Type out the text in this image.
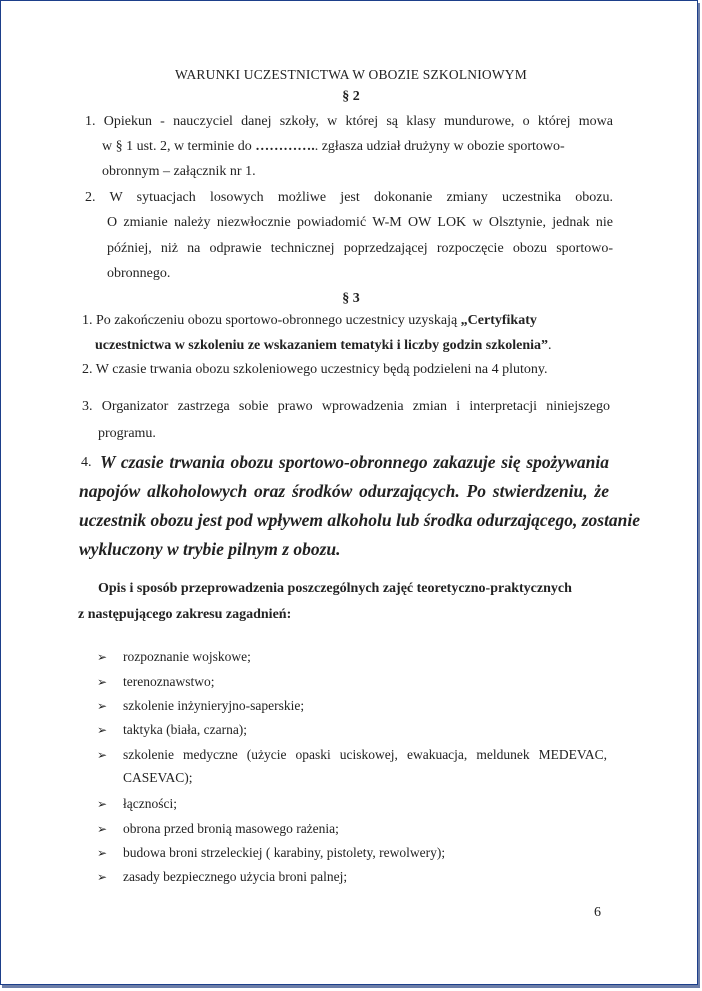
WARUNKI UCZESTNICTWA W OBOZIE SZKOLNIOWYM
§ 2
1. Opiekun - nauczyciel danej szkoły, w której są klasy mundurowe, o której mowa
w § 1 ust. 2, w terminie do ………….. zgłasza udział drużyny w obozie sportowo-
obronnym – załącznik nr 1.
2. W sytuacjach losowych możliwe jest dokonanie zmiany uczestnika obozu.
O zmianie należy niezwłocznie powiadomić W-M OW LOK w Olsztynie, jednak nie
później, niż na odprawie technicznej poprzedzającej rozpoczęcie obozu sportowo-
obronnego.
§ 3
1. Po zakończeniu obozu sportowo-obronnego uczestnicy uzyskają „Certyfikaty
uczestnictwa w szkoleniu ze wskazaniem tematyki i liczby godzin szkolenia”.
2. W czasie trwania obozu szkoleniowego uczestnicy będą podzieleni na 4 plutony.
3. Organizator zastrzega sobie prawo wprowadzenia zmian i interpretacji niniejszego
programu.
4. W czasie trwania obozu sportowo-obronnego zakazuje się spożywania
napojów alkoholowych oraz środków odurzających. Po stwierdzeniu, że
uczestnik obozu jest pod wpływem alkoholu lub środka odurzającego, zostanie
wykluczony w trybie pilnym z obozu.
Opis i sposób przeprowadzenia poszczególnych zajęć teoretyczno-praktycznych
z następującego zakresu zagadnień:
➢ rozpoznanie wojskowe;
➢ terenoznawstwo;
➢ szkolenie inżynieryjno-saperskie;
➢ taktyka (biała, czarna);
➢ szkolenie medyczne (użycie opaski uciskowej, ewakuacja, meldunek MEDEVAC,
CASEVAC);
➢ łączności;
➢ obrona przed bronią masowego rażenia;
➢ budowa broni strzeleckiej ( karabiny, pistolety, rewolwery);
➢ zasady bezpiecznego użycia broni palnej;
6
